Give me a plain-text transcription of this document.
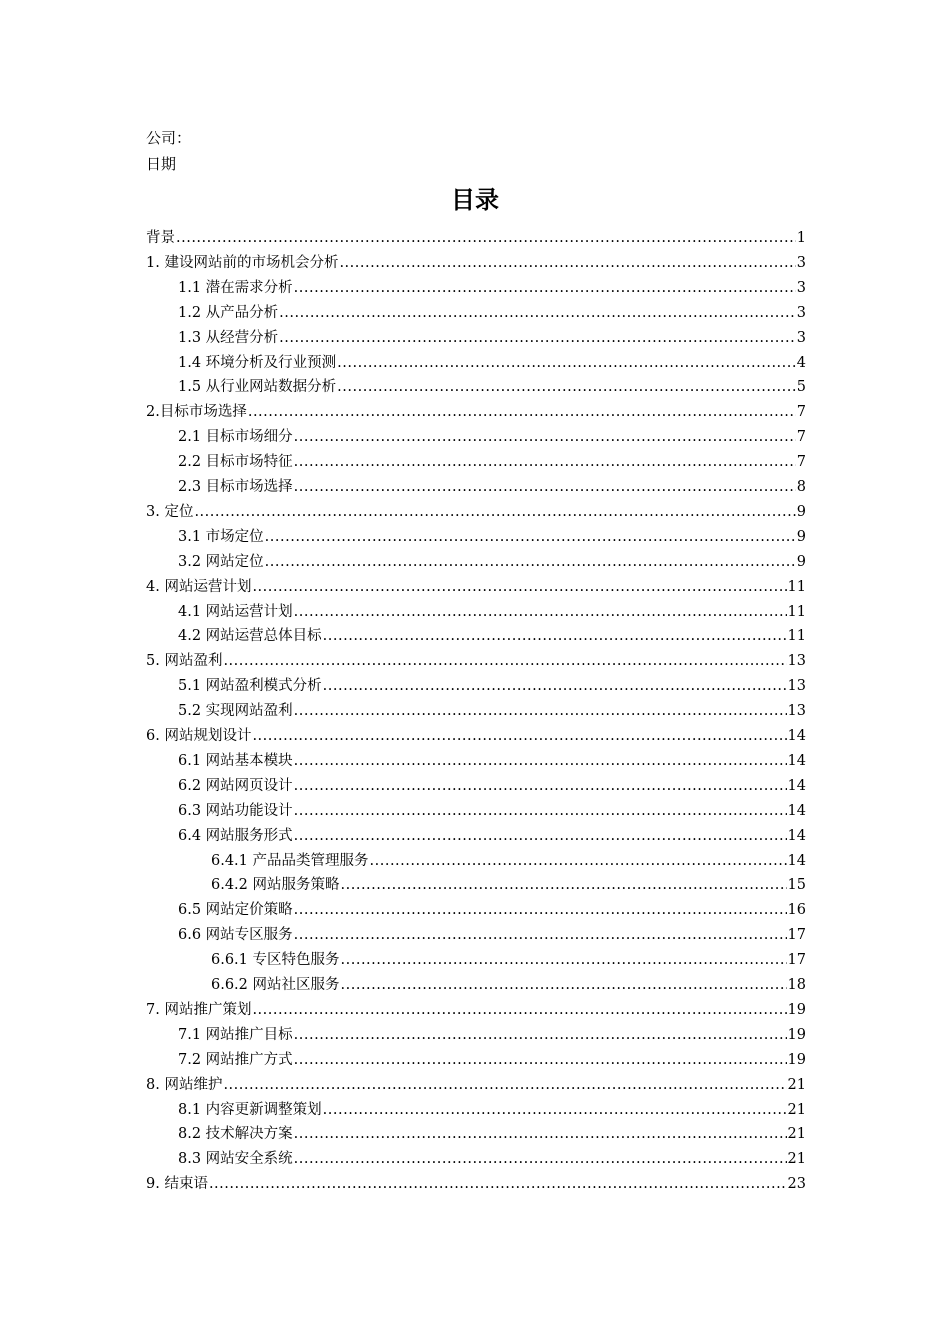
公司：
日期
目录
背景 .....	1
1. 建设网站前的市场机会分析 .....	3
1.1 潜在需求分析 .....	3
1.2 从产品分析 .....	3
1.3 从经营分析 .....	3
1.4 环境分析及行业预测 .....	4
1.5 从行业网站数据分析 .....	5
2.目标市场选择 .....	7
2.1 目标市场细分 .....	7
2.2 目标市场特征 .....	7
2.3 目标市场选择 .....	8
3. 定位 .....	9
3.1 市场定位 .....	9
3.2 网站定位 .....	9
4. 网站运营计划 .....	11
4.1 网站运营计划 .....	11
4.2 网站运营总体目标 .....	11
5. 网站盈利 .....	13
5.1 网站盈利模式分析 .....	13
5.2 实现网站盈利 .....	13
6. 网站规划设计 .....	14
6.1 网站基本模块 .....	14
6.2 网站网页设计 .....	14
6.3 网站功能设计 .....	14
6.4 网站服务形式 .....	14
6.4.1 产品品类管理服务 .....	14
6.4.2 网站服务策略 .....	15
6.5 网站定价策略 .....	16
6.6 网站专区服务 .....	17
6.6.1 专区特色服务 .....	17
6.6.2 网站社区服务 .....	18
7. 网站推广策划 .....	19
7.1 网站推广目标 .....	19
7.2 网站推广方式 .....	19
8. 网站维护 .....	21
8.1 内容更新调整策划 .....	21
8.2 技术解决方案 .....	21
8.3 网站安全系统 .....	21
9. 结束语 .....	23
